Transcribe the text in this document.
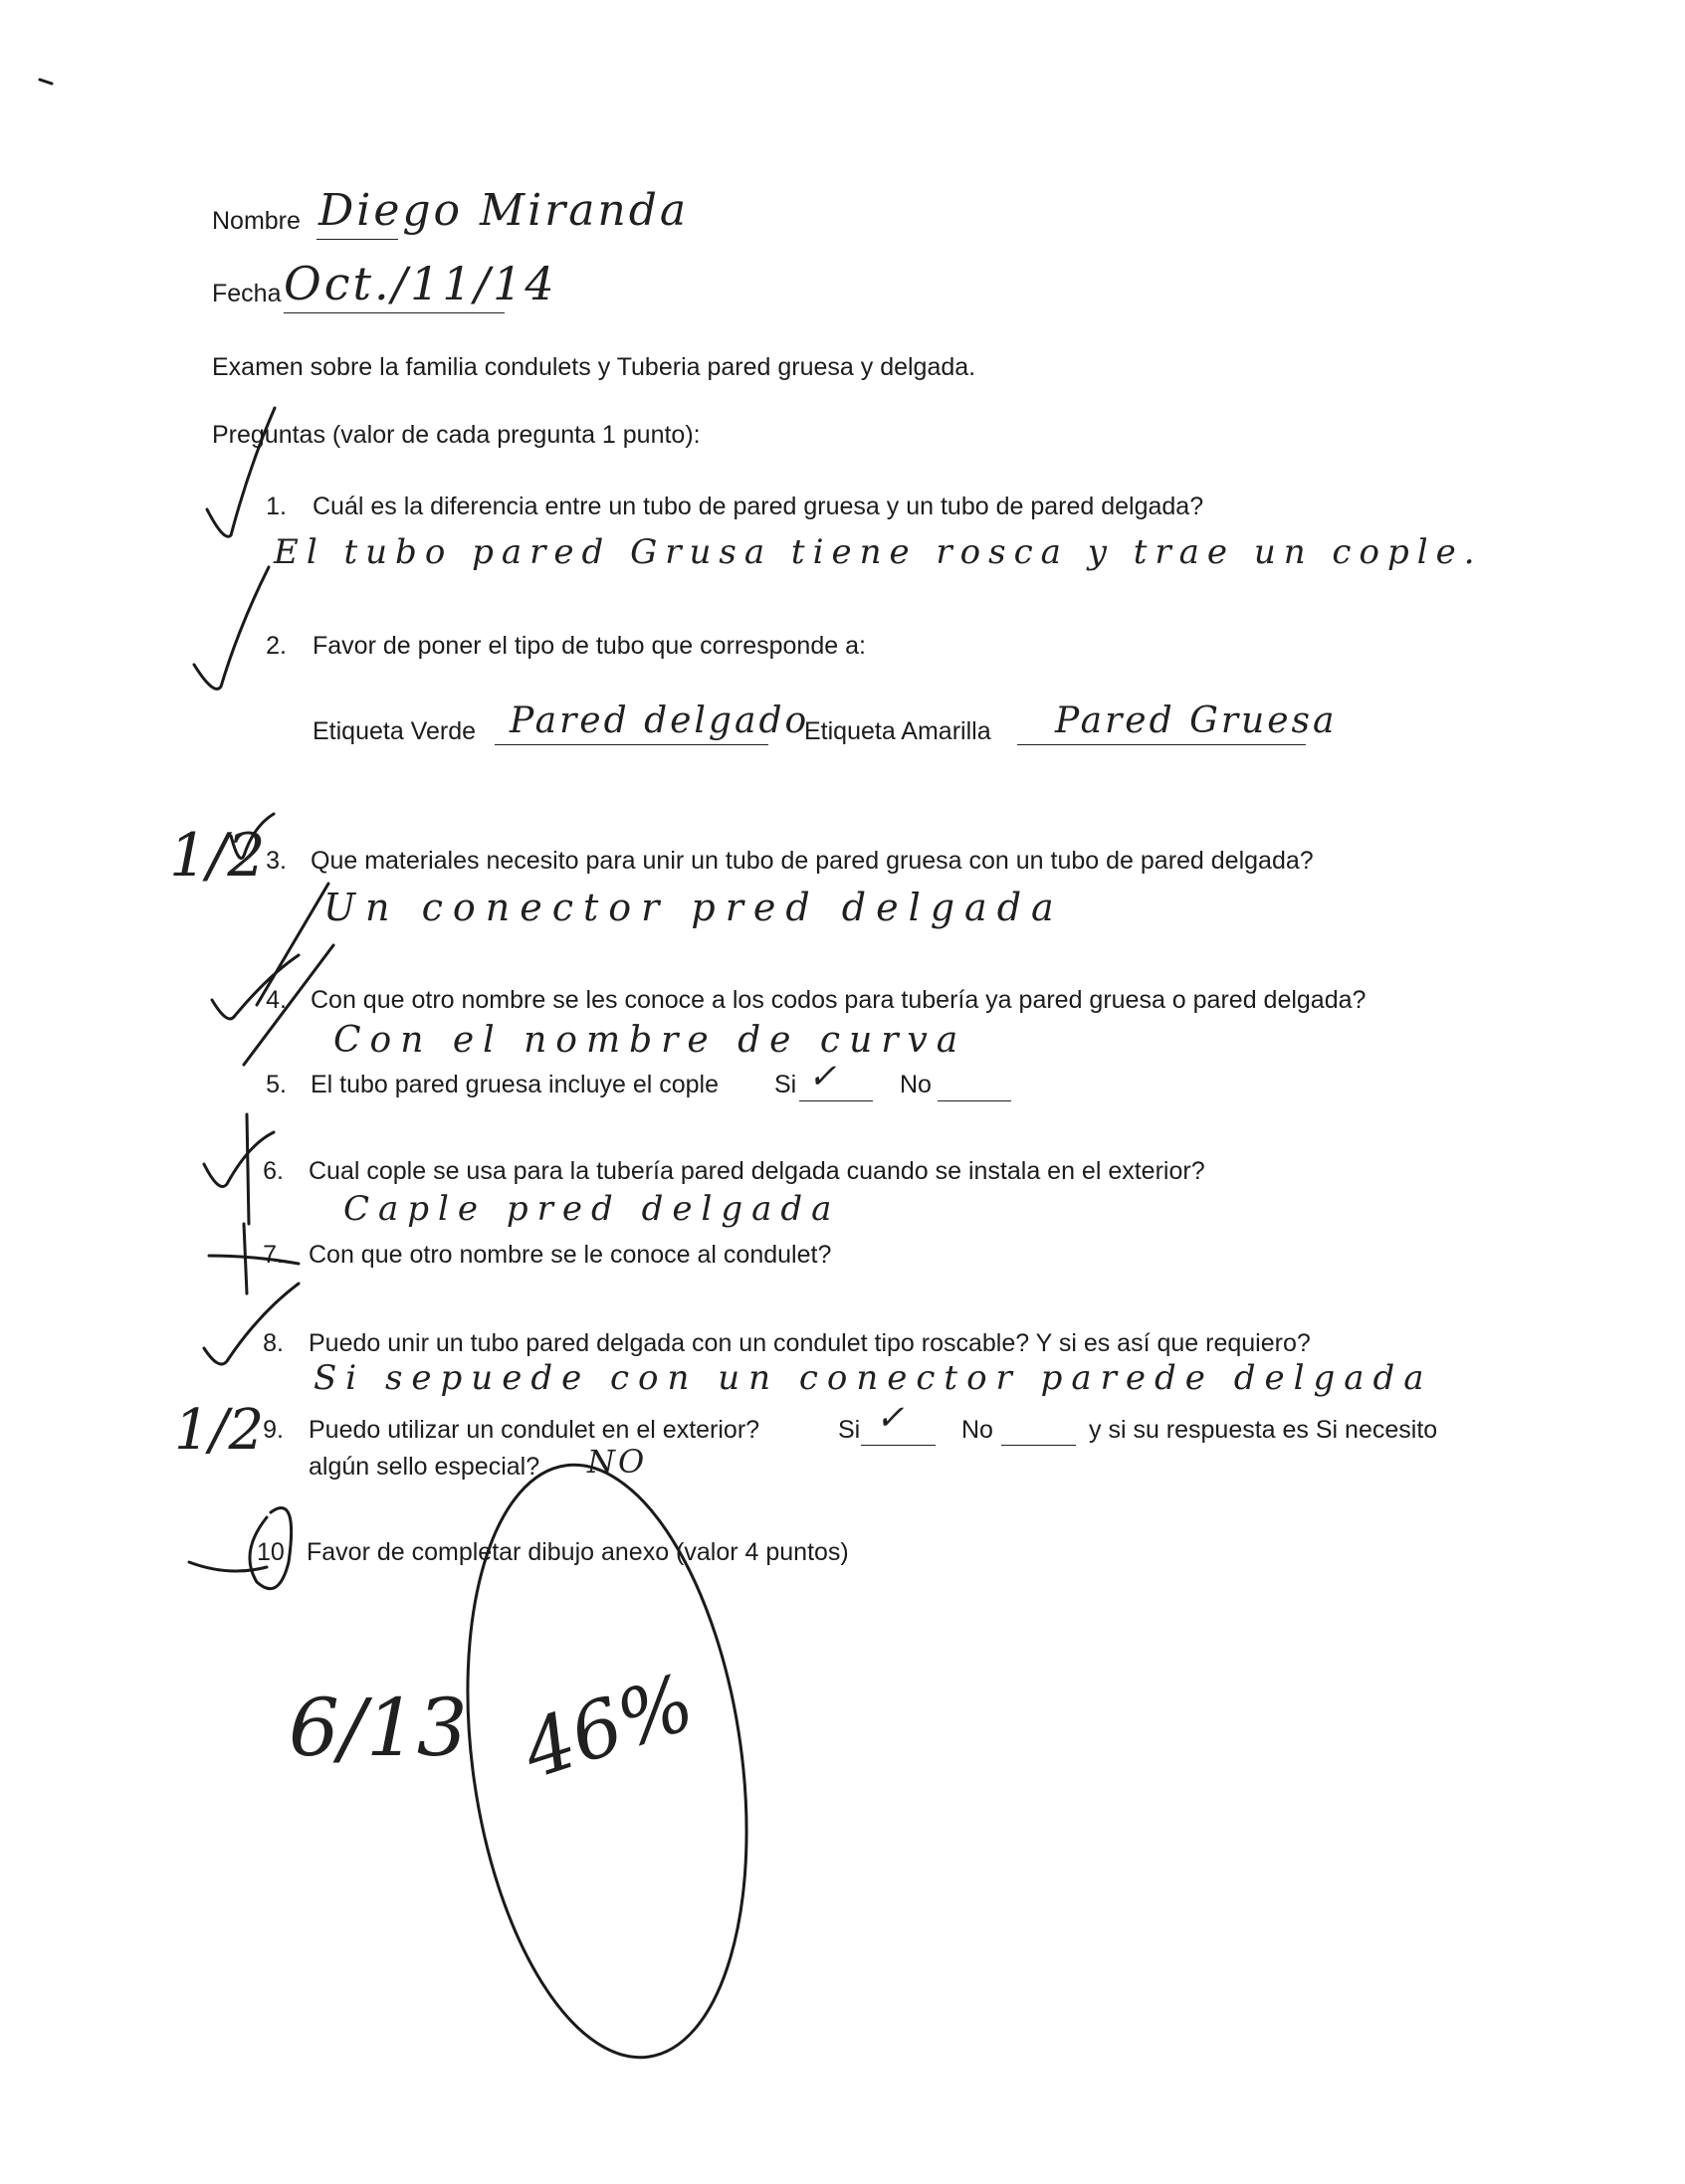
Nombre Diego Miranda
Fecha Oct./11/14
Examen sobre la familia condulets y Tuberia pared gruesa y delgada.
Preguntas (valor de cada pregunta 1 punto):
1. Cuál es la diferencia entre un tubo de pared gruesa y un tubo de pared delgada?
El tubo pared Grusa tiene rosca y trae un cople.
2. Favor de poner el tipo de tubo que corresponde a:
Etiqueta Verde Pared delgado
Etiqueta Amarilla Pared Gruesa
3. Que materiales necesito para unir un tubo de pared gruesa con un tubo de pared delgada?
Un conector pred delgada
4. Con que otro nombre se les conoce a los codos para tubería ya pared gruesa o pared delgada?
Con el nombre de curva
5. El tubo pared gruesa incluye el cople Si ✓ No
6. Cual cople se usa para la tubería pared delgada cuando se instala en el exterior?
Caple pred delgada
7. Con que otro nombre se le conoce al condulet?
8. Puedo unir un tubo pared delgada con un condulet tipo roscable? Y si es así que requiero?
Si sepuede con un conector parede delgada
9. Puedo utilizar un condulet en el exterior?	Si ✓ No	y si su respuesta es Si necesito
algún sello especial? NO
10 Favor de completar dibujo anexo (valor 4 puntos)
6/13 46%
1/2
1/2
